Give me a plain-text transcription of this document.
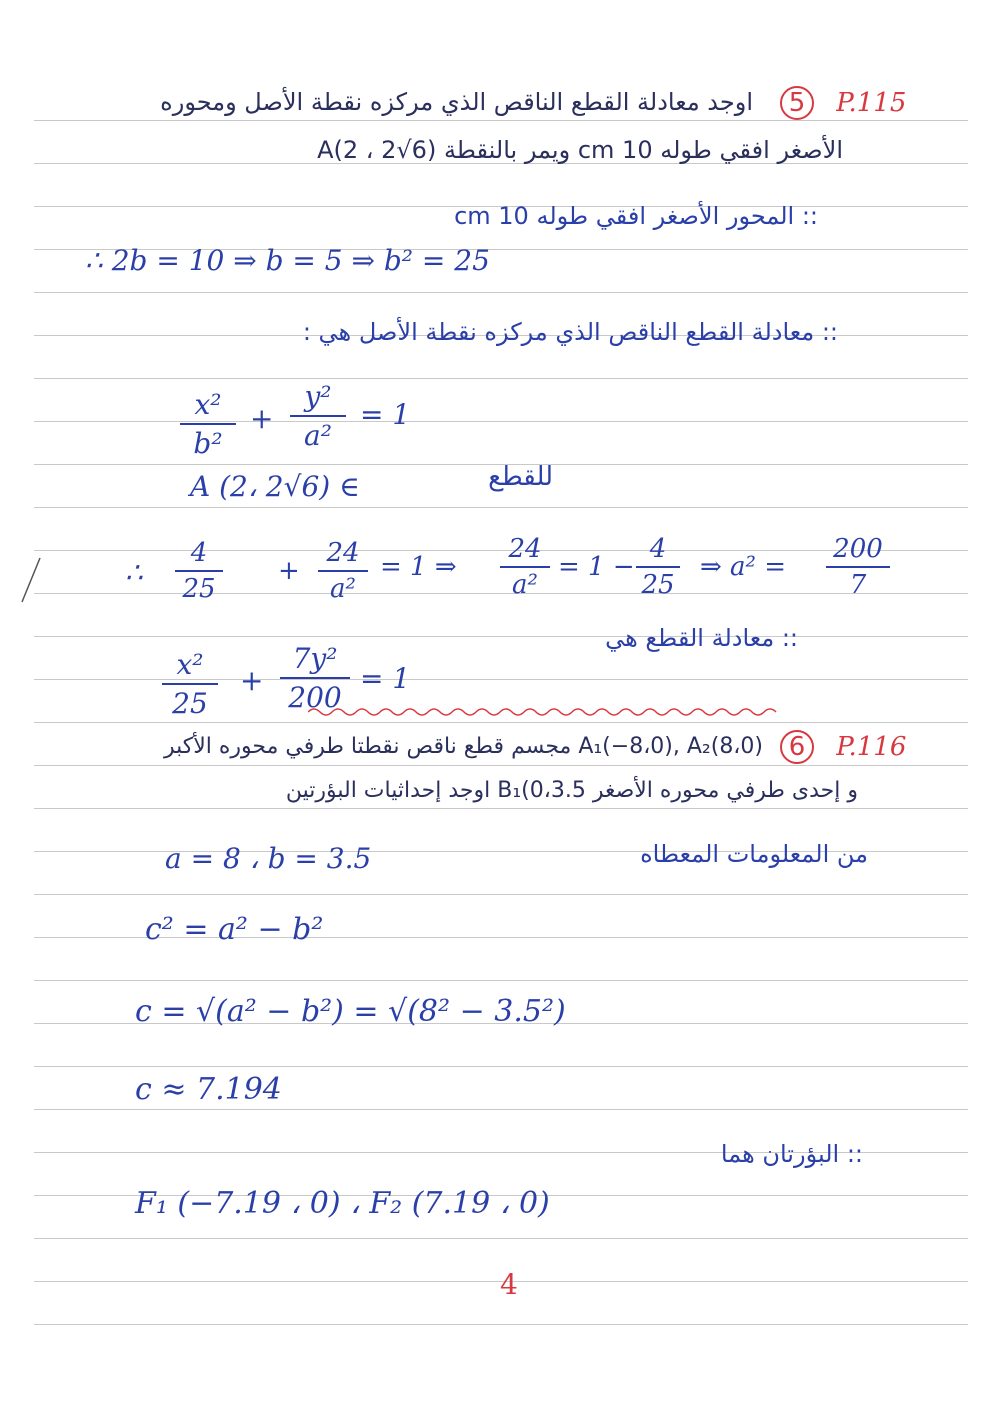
5 P.115
اوجد معادلة القطع الناقص الذي مركزه نقطة الأصل ومحوره
الأصغر افقي طوله 10 cm ويمر بالنقطة A(2 ، 2√6)
:: المحور الأصغر افقي طوله 10 cm
∴ 2b = 10 ⇒ b = 5 ⇒ b² = 25
:: معادلة القطع الناقص الذي مركزه نقطة الأصل هي :
x²
b²
+
y²
a²
= 1
A (2، 2√6) ∈	للقطع
∴
4
25
+
24
a²
= 1 ⇒
24
a²
= 1 −
4
25
⇒ a² =
200
7
:: معادلة القطع هي
x²
25
+
7y²
200
= 1
6 P.116
A₁(−8،0), A₂(8،0) مجسم قطع ناقص نقطتا طرفي محوره الأكبر
و إحدى طرفي محوره الأصغر B₁(0،3.5 اوجد إحداثيات البؤرتين
a = 8 ، b = 3.5	من المعلومات المعطاه
c² = a² − b²
c = √(a² − b²) = √(8² − 3.5²)
c ≈ 7.194
:: البؤرتان هما
F₁ (−7.19 ، 0) ، F₂ (7.19 ، 0)
4
